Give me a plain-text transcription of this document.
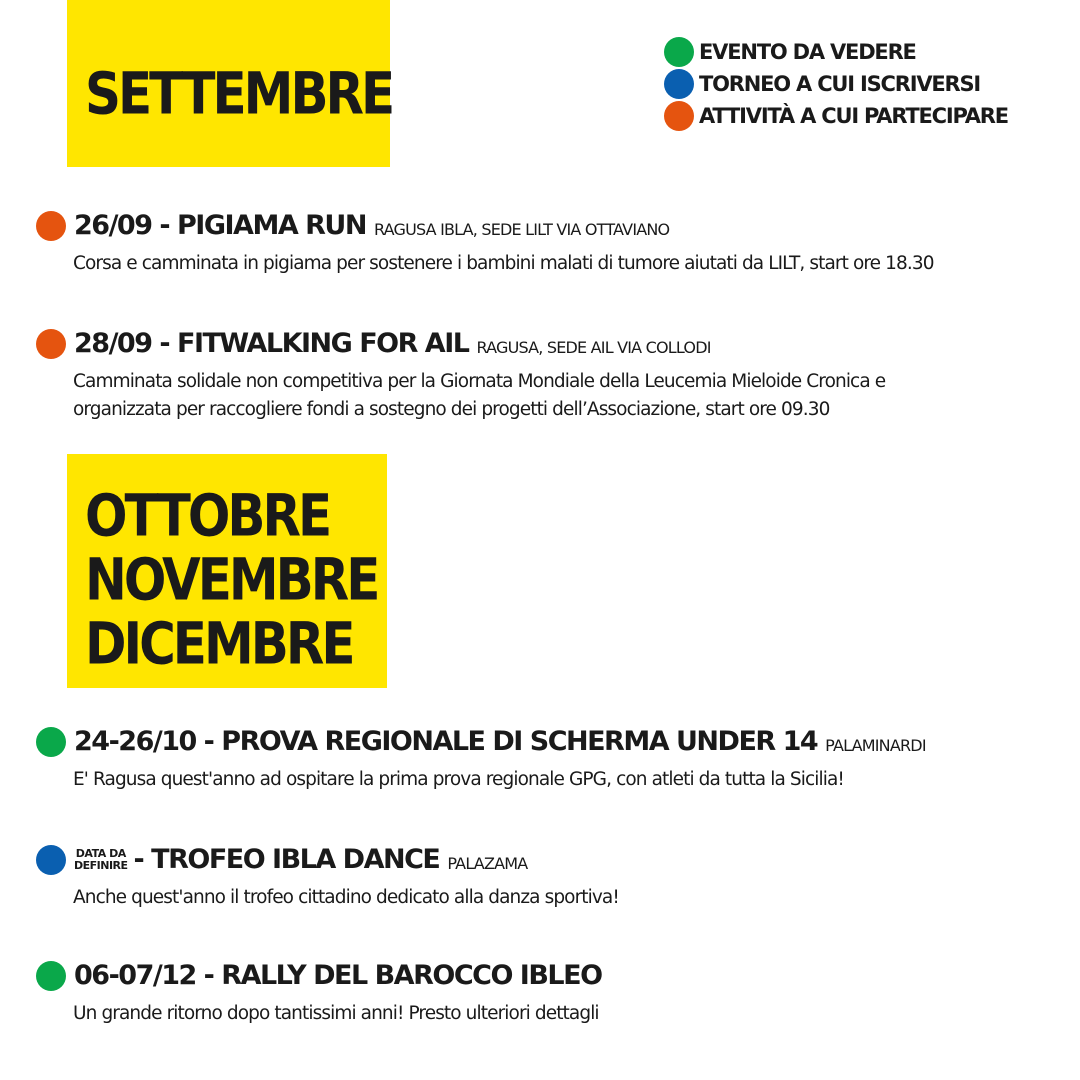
SETTEMBRE
EVENTO DA VEDERE
TORNEO A CUI ISCRIVERSI
ATTIVITÀ A CUI PARTECIPARE
26/09 - PIGIAMA RUN RAGUSA IBLA, SEDE LILT VIA OTTAVIANO
Corsa e camminata in pigiama per sostenere i bambini malati di tumore aiutati da LILT, start ore 18.30
28/09 - FITWALKING FOR AIL RAGUSA, SEDE AIL VIA COLLODI
Camminata solidale non competitiva per la Giornata Mondiale della Leucemia Mieloide Cronica e
organizzata per raccogliere fondi a sostegno dei progetti dell’Associazione, start ore 09.30
OTTOBRE
NOVEMBRE
DICEMBRE
24-26/10 - PROVA REGIONALE DI SCHERMA UNDER 14 PALAMINARDI
E' Ragusa quest'anno ad ospitare la prima prova regionale GPG, con atleti da tutta la Sicilia!
DATA DA
DEFINIRE - TROFEO IBLA DANCE PALAZAMA
Anche quest'anno il trofeo cittadino dedicato alla danza sportiva!
06-07/12 - RALLY DEL BAROCCO IBLEO
Un grande ritorno dopo tantissimi anni! Presto ulteriori dettagli
